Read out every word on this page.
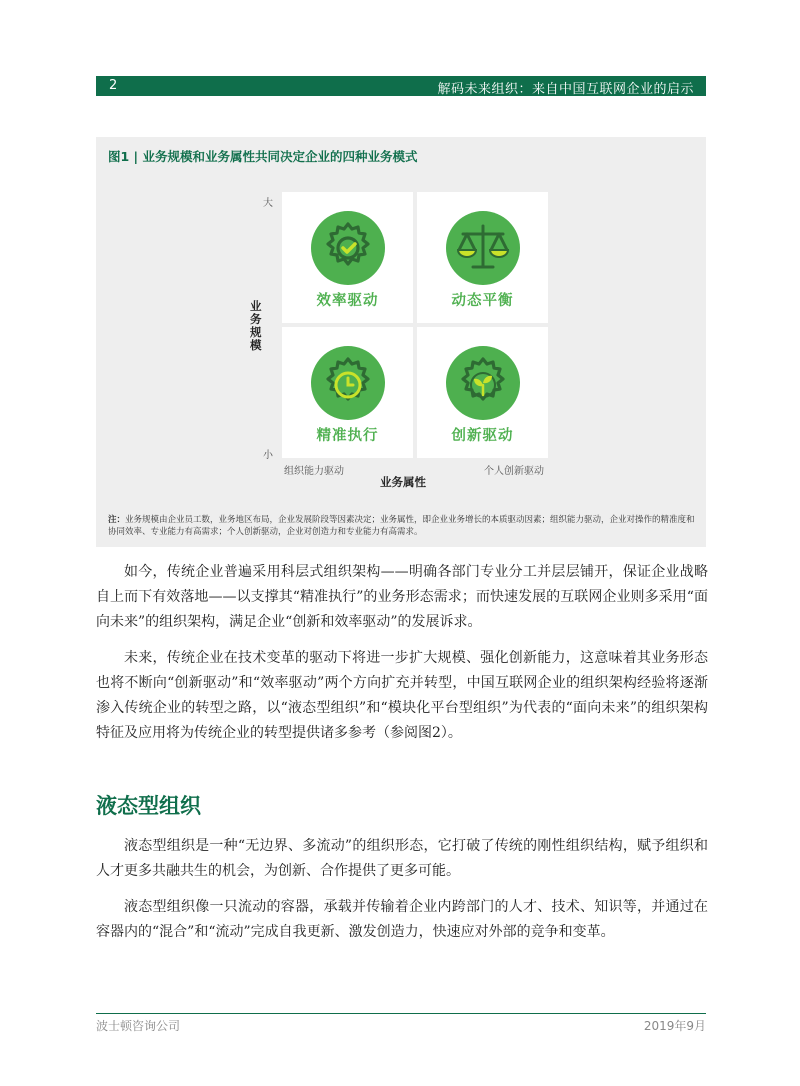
2	解码未来组织：来自中国互联网企业的启示
图1 | 业务规模和业务属性共同决定企业的四种业务模式
大
小
业务规模
效率驱动	动态平衡
精准执行	创新驱动
组织能力驱动	个人创新驱动
业务属性
注：业务规模由企业员工数，业务地区布局，企业发展阶段等因素决定；业务属性，即企业业务增长的本质驱动因素；组织能力驱动，企业对操作的精准度和协同效率、专业能力有高需求；个人创新驱动，企业对创造力和专业能力有高需求。

如今，传统企业普遍采用科层式组织架构——明确各部门专业分工并层层铺开，保证企业战略自上而下有效落地——以支撑其“精准执行”的业务形态需求；而快速发展的互联网企业则多采用“面向未来”的组织架构，满足企业“创新和效率驱动”的发展诉求。

未来，传统企业在技术变革的驱动下将进一步扩大规模、强化创新能力，这意味着其业务形态也将不断向“创新驱动”和“效率驱动”两个方向扩充并转型，中国互联网企业的组织架构经验将逐渐渗入传统企业的转型之路，以“液态型组织”和“模块化平台型组织”为代表的“面向未来”的组织架构特征及应用将为传统企业的转型提供诸多参考（参阅图2）。

液态型组织

液态型组织是一种“无边界、多流动”的组织形态，它打破了传统的刚性组织结构，赋予组织和人才更多共融共生的机会，为创新、合作提供了更多可能。

液态型组织像一只流动的容器，承载并传输着企业内跨部门的人才、技术、知识等，并通过在容器内的“混合”和“流动”完成自我更新、激发创造力，快速应对外部的竞争和变革。

波士顿咨询公司	2019年9月
